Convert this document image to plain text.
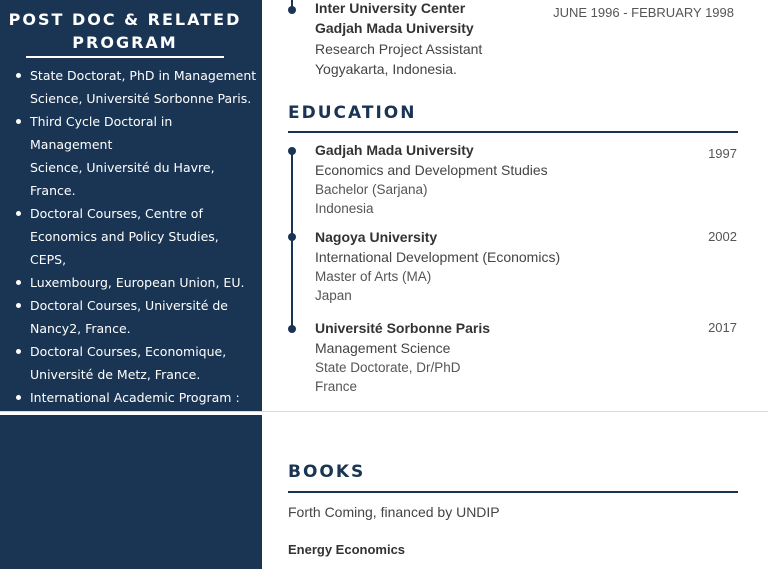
POST DOC & RELATED
PROGRAM
State Doctorat, PhD in Management
Science, Université Sorbonne Paris.
Third Cycle Doctoral in Management
Science, Université du Havre, France.
Doctoral Courses, Centre of
Economics and Policy Studies, CEPS,
Luxembourg, European Union, EU.
Doctoral Courses, Université de
Nancy2, France.
Doctoral Courses, Economique,
Université de Metz, France.
International Academic Program :
Inter University Center
Gadjah Mada University
Research Project Assistant
Yogyakarta, Indonesia.
JUNE 1996 - FEBRUARY 1998
EDUCATION
Gadjah Mada University	1997
Economics and Development Studies
Bachelor (Sarjana)
Indonesia
Nagoya University	2002
International Development (Economics)
Master of Arts (MA)
Japan
Université Sorbonne Paris	2017
Management Science
State Doctorate, Dr/PhD
France
BOOKS
Forth Coming, financed by UNDIP
Energy Economics
